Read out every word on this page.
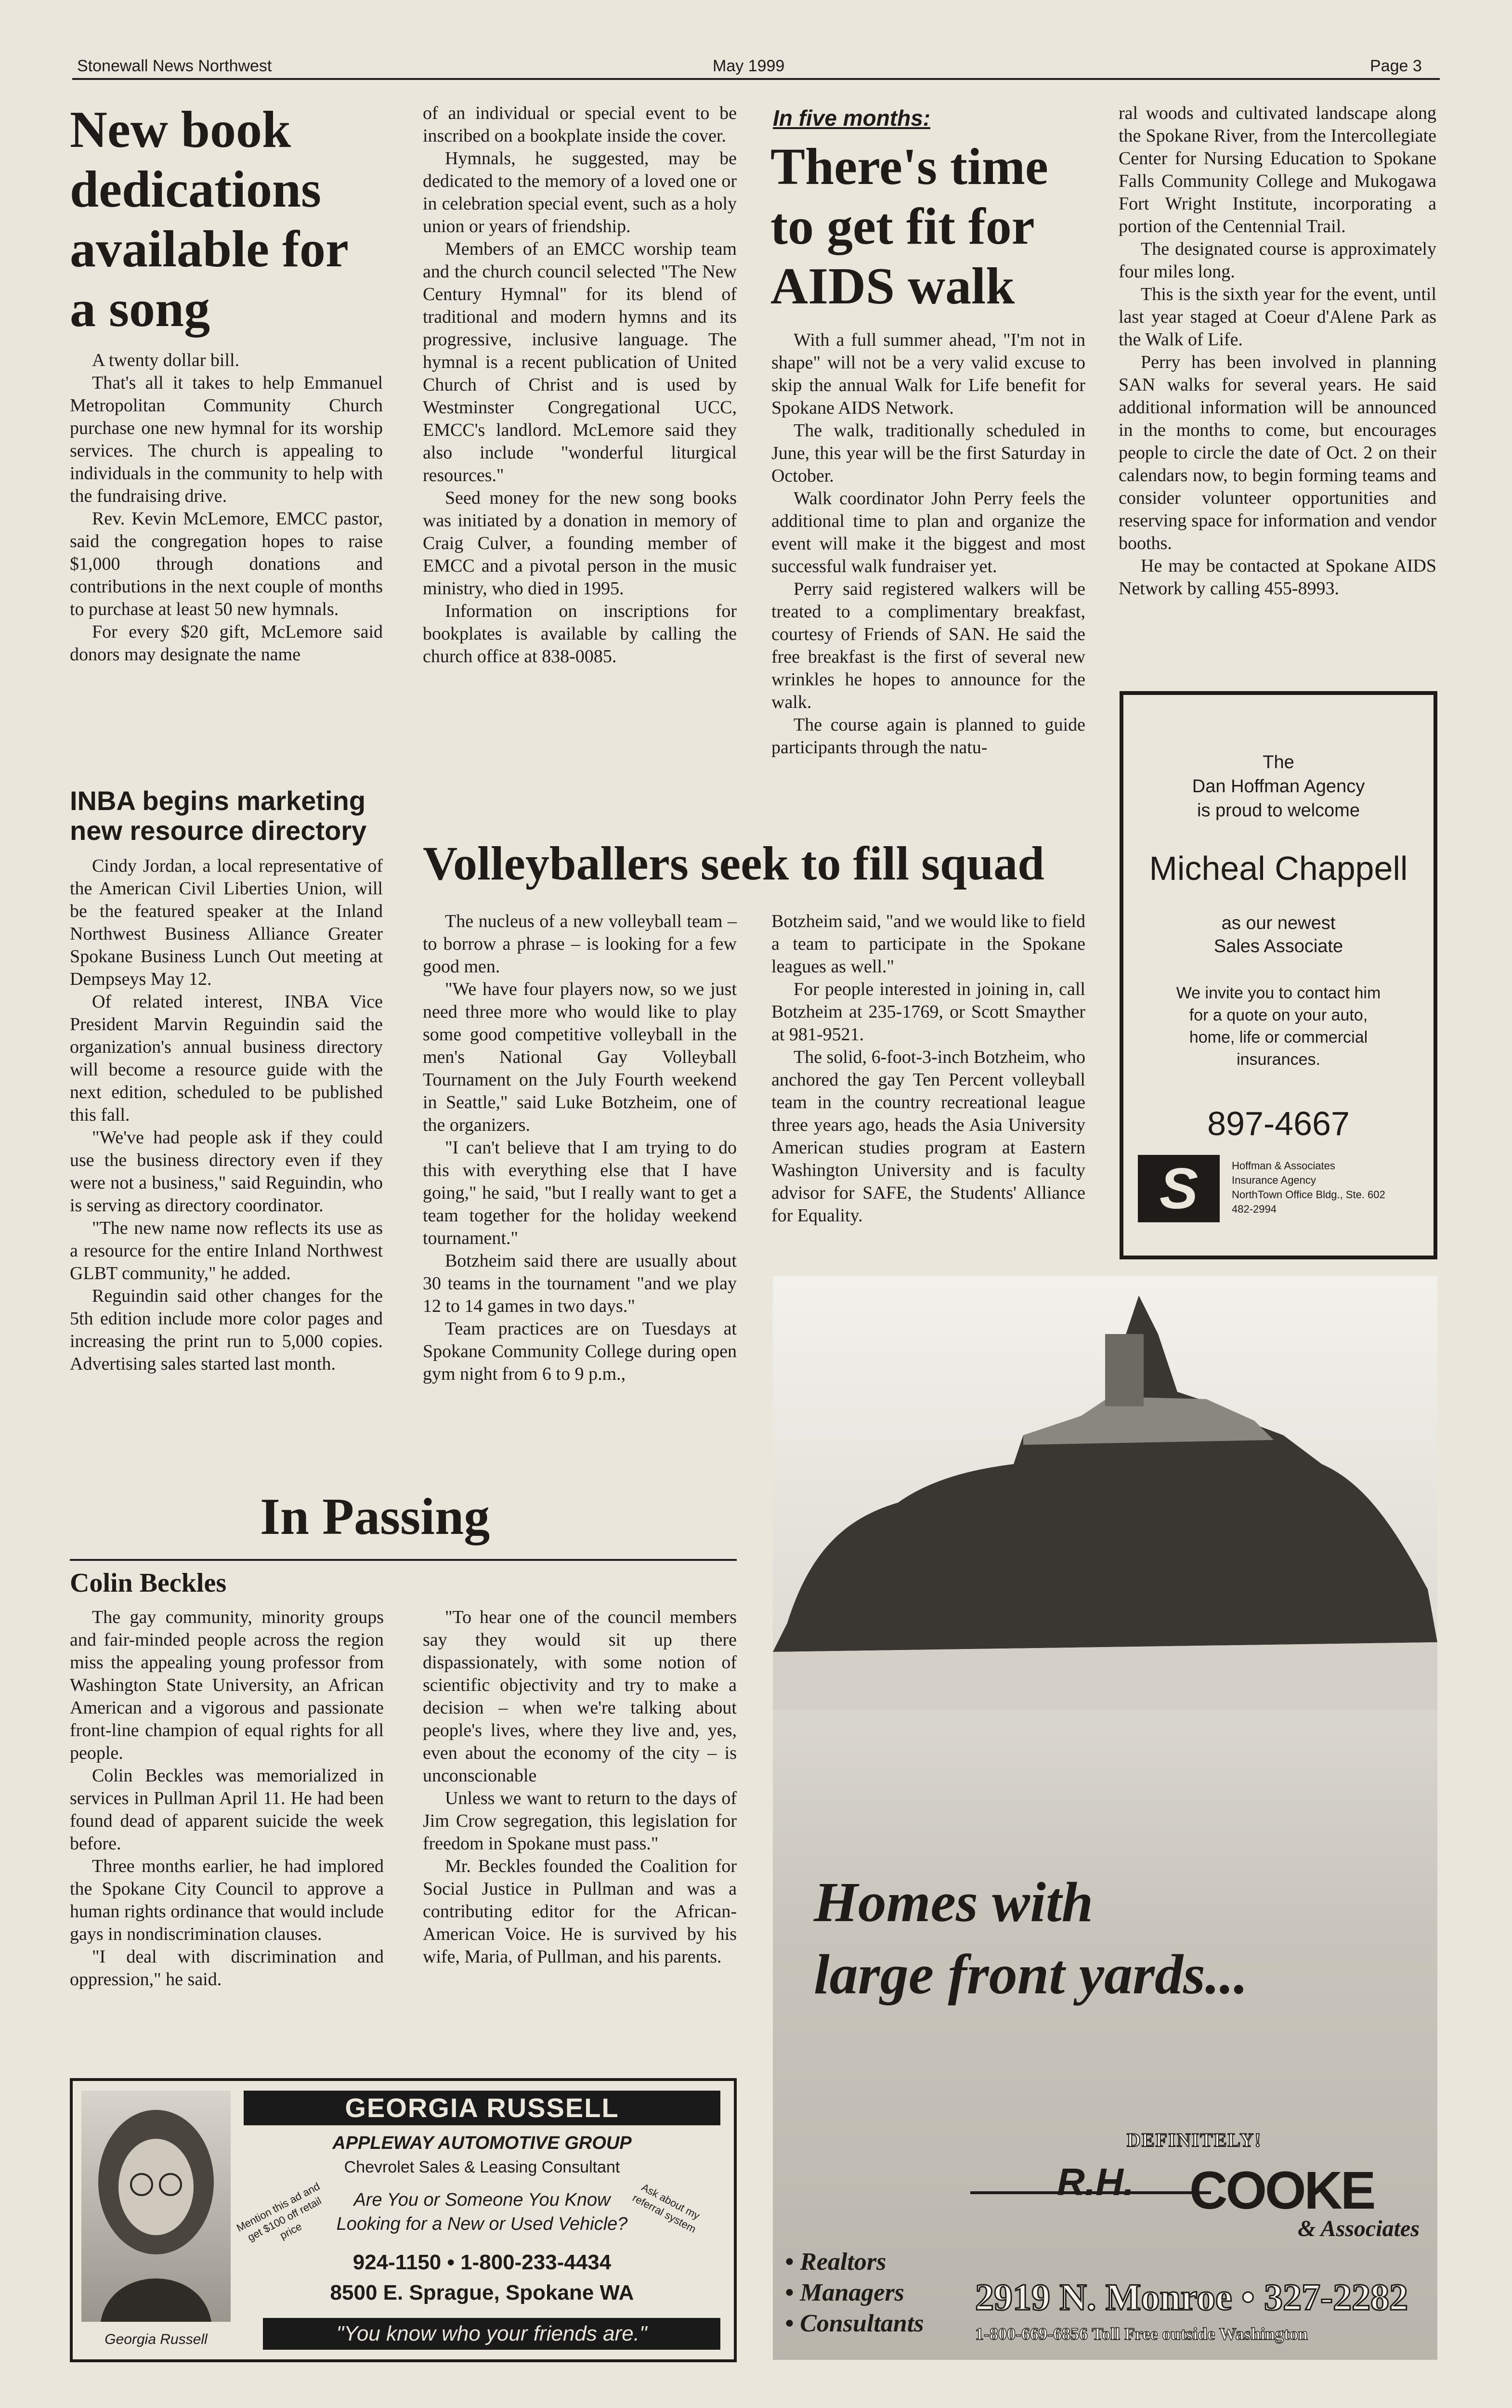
Stonewall News Northwest	May 1999	Page 3
New book dedications available for a song

A twenty dollar bill.

That's all it takes to help Emmanuel Metropolitan Community Church purchase one new hymnal for its worship services. The church is appealing to individuals in the community to help with the fundraising drive.

Rev. Kevin McLemore, EMCC pastor, said the congregation hopes to raise $1,000 through donations and contributions in the next couple of months to purchase at least 50 new hymnals.

For every $20 gift, McLemore said donors may designate the name

of an individual or special event to be inscribed on a bookplate inside the cover.

Hymnals, he suggested, may be dedicated to the memory of a loved one or in celebration special event, such as a holy union or years of friendship.

Members of an EMCC worship team and the church council selected "The New Century Hymnal" for its blend of traditional and modern hymns and its progressive, inclusive language. The hymnal is a recent publication of United Church of Christ and is used by Westminster Congregational UCC, EMCC's landlord. McLemore said they also include "wonderful liturgical resources."

Seed money for the new song books was initiated by a donation in memory of Craig Culver, a founding member of EMCC and a pivotal person in the music ministry, who died in 1995.

Information on inscriptions for bookplates is available by calling the church office at 838-0085.

In five months:
There's time to get fit for AIDS walk

With a full summer ahead, "I'm not in shape" will not be a very valid excuse to skip the annual Walk for Life benefit for Spokane AIDS Network.

The walk, traditionally scheduled in June, this year will be the first Saturday in October.

Walk coordinator John Perry feels the additional time to plan and organize the event will make it the biggest and most successful walk fundraiser yet.

Perry said registered walkers will be treated to a complimentary breakfast, courtesy of Friends of SAN. He said the free breakfast is the first of several new wrinkles he hopes to announce for the walk.

The course again is planned to guide participants through the natu-

ral woods and cultivated landscape along the Spokane River, from the Intercollegiate Center for Nursing Education to Spokane Falls Community College and Mukogawa Fort Wright Institute, incorporating a portion of the Centennial Trail.

The designated course is approximately four miles long.

This is the sixth year for the event, until last year staged at Coeur d'Alene Park as the Walk of Life.

Perry has been involved in planning SAN walks for several years. He said additional information will be announced in the months to come, but encourages people to circle the date of Oct. 2 on their calendars now, to begin forming teams and consider volunteer opportunities and reserving space for information and vendor booths.

He may be contacted at Spokane AIDS Network by calling 455-8993.

The
Dan Hoffman Agency
is proud to welcome
Micheal Chappell
as our newest
Sales Associate
We invite you to contact him for a quote on your auto, home, life or commercial insurances.
897-4667
S	Hoffman & Associates
Insurance Agency
NorthTown Office Bldg., Ste. 602
482-2994
INBA begins marketing new resource directory

Cindy Jordan, a local representative of the American Civil Liberties Union, will be the featured speaker at the Inland Northwest Business Alliance Greater Spokane Business Lunch Out meeting at Dempseys May 12.

Of related interest, INBA Vice President Marvin Reguindin said the organization's annual business directory will become a resource guide with the next edition, scheduled to be published this fall.

"We've had people ask if they could use the business directory even if they were not a business," said Reguindin, who is serving as directory coordinator.

"The new name now reflects its use as a resource for the entire Inland Northwest GLBT community," he added.

Reguindin said other changes for the 5th edition include more color pages and increasing the print run to 5,000 copies. Advertising sales started last month.

Volleyballers seek to fill squad

The nucleus of a new volleyball team – to borrow a phrase – is looking for a few good men.

"We have four players now, so we just need three more who would like to play some good competitive volleyball in the men's National Gay Volleyball Tournament on the July Fourth weekend in Seattle," said Luke Botzheim, one of the organizers.

"I can't believe that I am trying to do this with everything else that I have going," he said, "but I really want to get a team together for the holiday weekend tournament."

Botzheim said there are usually about 30 teams in the tournament "and we play 12 to 14 games in two days."

Team practices are on Tuesdays at Spokane Community College during open gym night from 6 to 9 p.m.,

Botzheim said, "and we would like to field a team to participate in the Spokane leagues as well."

For people interested in joining in, call Botzheim at 235-1769, or Scott Smayther at 981-9521.

The solid, 6-foot-3-inch Botzheim, who anchored the gay Ten Percent volleyball team in the country recreational league three years ago, heads the Asia University American studies program at Eastern Washington University and is faculty advisor for SAFE, the Students' Alliance for Equality.

Homes with
large front yards...
DEFINITELY!
R.H. COOKE
& Associates
• Realtors
• Managers
• Consultants
2919 N. Monroe • 327-2282
1-800-669-6856 Toll Free outside Washington
In Passing
Colin Beckles

The gay community, minority groups and fair-minded people across the region miss the appealing young professor from Washington State University, an African American and a vigorous and passionate front-line champion of equal rights for all people.

Colin Beckles was memorialized in services in Pullman April 11. He had been found dead of apparent suicide the week before.

Three months earlier, he had implored the Spokane City Council to approve a human rights ordinance that would include gays in nondiscrimination clauses.

"I deal with discrimination and oppression," he said.

"To hear one of the council members say they would sit up there dispassionately, with some notion of scientific objectivity and try to make a decision – when we're talking about people's lives, where they live and, yes, even about the economy of the city – is unconscionable

Unless we want to return to the days of Jim Crow segregation, this legislation for freedom in Spokane must pass."

Mr. Beckles founded the Coalition for Social Justice in Pullman and was a contributing editor for the African-American Voice. He is survived by his wife, Maria, of Pullman, and his parents.

Georgia Russell
GEORGIA RUSSELL
APPLEWAY AUTOMOTIVE GROUP
Chevrolet Sales & Leasing Consultant
Mention this ad and get $100 off retail price
Ask about my referral system
Are You or Someone You Know
Looking for a New or Used Vehicle?
924-1150 • 1-800-233-4434
8500 E. Sprague, Spokane WA
"You know who your friends are."
